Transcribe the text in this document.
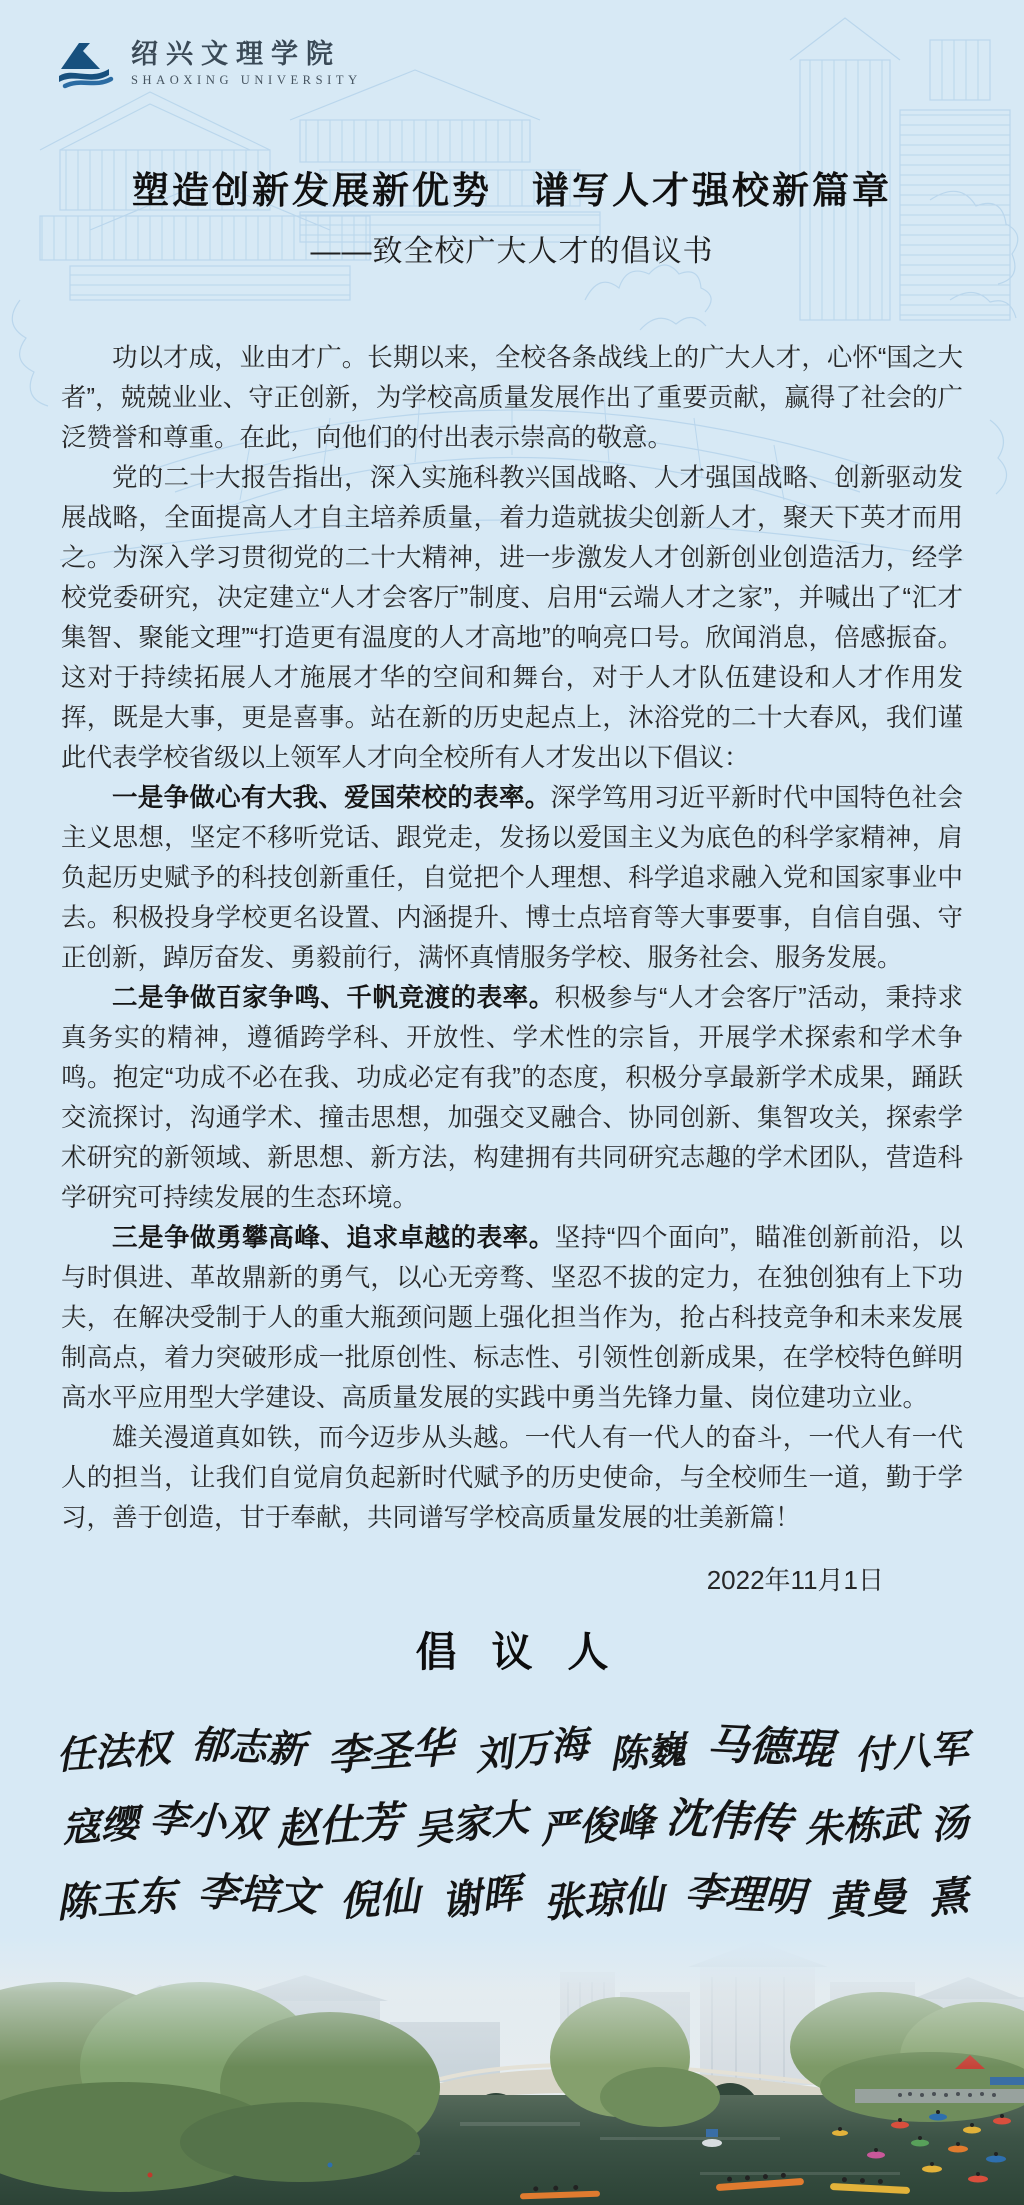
绍兴文理学院
SHAOXING UNIVERSITY
塑造创新发展新优势　谱写人才强校新篇章
——致全校广大人才的倡议书

功以才成，业由才广。长期以来，全校各条战线上的广大人才，心怀“国之大者”，兢兢业业、守正创新，为学校高质量发展作出了重要贡献，赢得了社会的广泛赞誉和尊重。在此，向他们的付出表示崇高的敬意。

党的二十大报告指出，深入实施科教兴国战略、人才强国战略、创新驱动发展战略，全面提高人才自主培养质量，着力造就拔尖创新人才，聚天下英才而用之。为深入学习贯彻党的二十大精神，进一步激发人才创新创业创造活力，经学校党委研究，决定建立“人才会客厅”制度、启用“云端人才之家”，并喊出了“汇才集智、聚能文理”“打造更有温度的人才高地”的响亮口号。欣闻消息，倍感振奋。这对于持续拓展人才施展才华的空间和舞台，对于人才队伍建设和人才作用发挥，既是大事，更是喜事。站在新的历史起点上，沐浴党的二十大春风，我们谨此代表学校省级以上领军人才向全校所有人才发出以下倡议：

一是争做心有大我、爱国荣校的表率。深学笃用习近平新时代中国特色社会主义思想，坚定不移听党话、跟党走，发扬以爱国主义为底色的科学家精神，肩负起历史赋予的科技创新重任，自觉把个人理想、科学追求融入党和国家事业中去。积极投身学校更名设置、内涵提升、博士点培育等大事要事，自信自强、守正创新，踔厉奋发、勇毅前行，满怀真情服务学校、服务社会、服务发展。

二是争做百家争鸣、千帆竞渡的表率。积极参与“人才会客厅”活动，秉持求真务实的精神，遵循跨学科、开放性、学术性的宗旨，开展学术探索和学术争鸣。抱定“功成不必在我、功成必定有我”的态度，积极分享最新学术成果，踊跃交流探讨，沟通学术、撞击思想，加强交叉融合、协同创新、集智攻关，探索学术研究的新领域、新思想、新方法，构建拥有共同研究志趣的学术团队，营造科学研究可持续发展的生态环境。

三是争做勇攀高峰、追求卓越的表率。坚持“四个面向”，瞄准创新前沿，以与时俱进、革故鼎新的勇气，以心无旁骛、坚忍不拔的定力，在独创独有上下功夫，在解决受制于人的重大瓶颈问题上强化担当作为，抢占科技竞争和未来发展制高点，着力突破形成一批原创性、标志性、引领性创新成果，在学校特色鲜明高水平应用型大学建设、高质量发展的实践中勇当先锋力量、岗位建功立业。

雄关漫道真如铁，而今迈步从头越。一代人有一代人的奋斗，一代人有一代人的担当，让我们自觉肩负起新时代赋予的历史使命，与全校师生一道，勤于学习，善于创造，甘于奉献，共同谱写学校高质量发展的壮美新篇！

2022年11月1日
倡议人
任法权 郁志新 李圣华 刘万海 陈巍 马德琨 付八军
寇缨 李小双 赵仕芳 吴家大 严俊峰 沈伟传 朱栋武 汤
陈玉东 李培文 倪仙 谢晖 张琼仙 李理明 黄曼 熹
